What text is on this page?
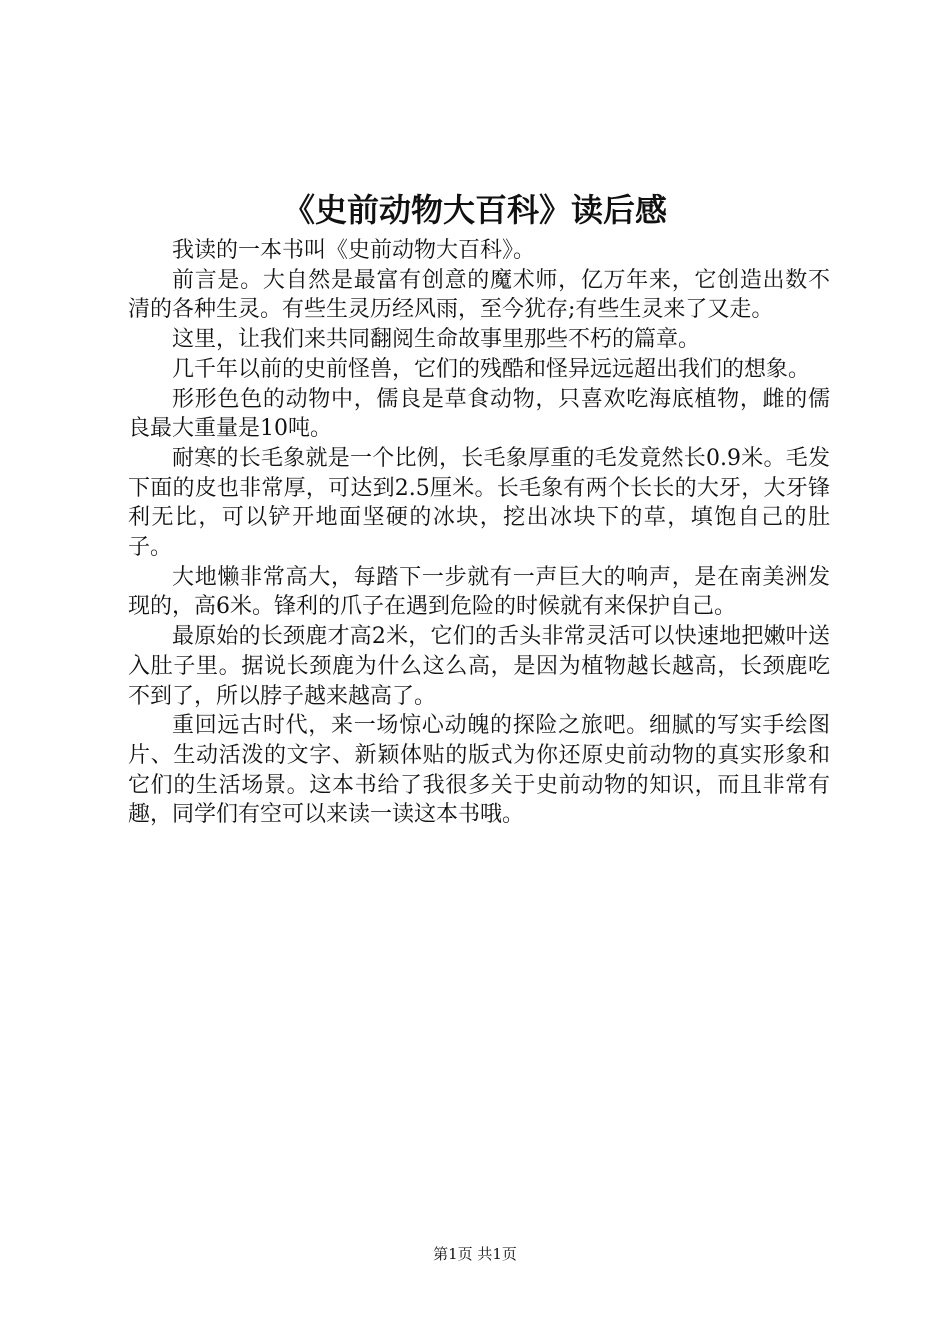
《史前动物大百科》读后感

我读的一本书叫《史前动物大百科》。

前言是。大自然是最富有创意的魔术师，亿万年来，它创造出数不清的各种生灵。有些生灵历经风雨，至今犹存;有些生灵来了又走。

这里，让我们来共同翻阅生命故事里那些不朽的篇章。

几千年以前的史前怪兽，它们的残酷和怪异远远超出我们的想象。

形形色色的动物中，儒良是草食动物，只喜欢吃海底植物，雌的儒良最大重量是10吨。

耐寒的长毛象就是一个比例，长毛象厚重的毛发竟然长0.9米。毛发下面的皮也非常厚，可达到2.5厘米。长毛象有两个长长的大牙，大牙锋利无比，可以铲开地面坚硬的冰块，挖出冰块下的草，填饱自己的肚子。

大地懒非常高大，每踏下一步就有一声巨大的响声，是在南美洲发现的，高6米。锋利的爪子在遇到危险的时候就有来保护自己。

最原始的长颈鹿才高2米，它们的舌头非常灵活可以快速地把嫩叶送入肚子里。据说长颈鹿为什么这么高，是因为植物越长越高，长颈鹿吃不到了，所以脖子越来越高了。

重回远古时代，来一场惊心动魄的探险之旅吧。细腻的写实手绘图片、生动活泼的文字、新颖体贴的版式为你还原史前动物的真实形象和它们的生活场景。这本书给了我很多关于史前动物的知识，而且非常有趣，同学们有空可以来读一读这本书哦。

第1页 共1页
